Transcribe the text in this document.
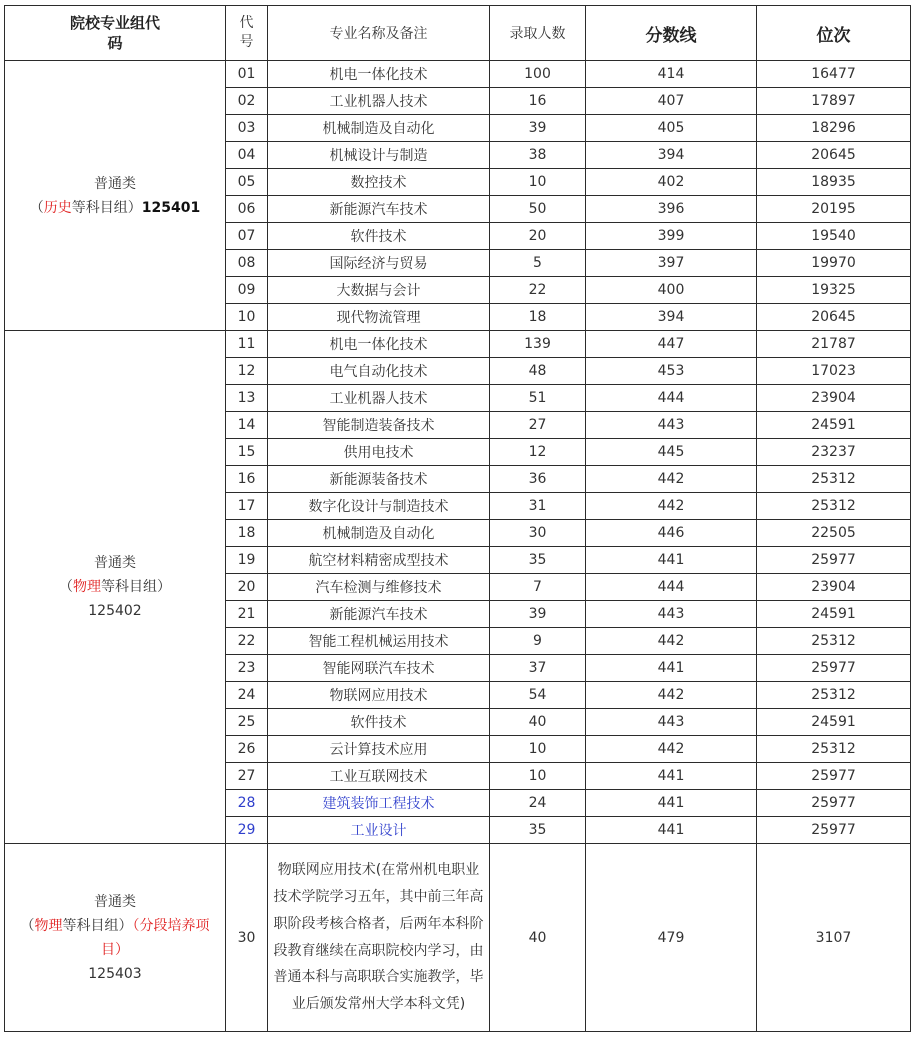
院校专业组代码	代号	专业名称及备注	录取人数	分数线	位次

普通类
（历史等科目组）125401	01	机电一体化技术	100	414	16477
	02	工业机器人技术	16	407	17897
	03	机械制造及自动化	39	405	18296
	04	机械设计与制造	38	394	20645
	05	数控技术	10	402	18935
	06	新能源汽车技术	50	396	20195
	07	软件技术	20	399	19540
	08	国际经济与贸易	5	397	19970
	09	大数据与会计	22	400	19325
	10	现代物流管理	18	394	20645

普通类
（物理等科目组）
125402	11	机电一体化技术	139	447	21787
	12	电气自动化技术	48	453	17023
	13	工业机器人技术	51	444	23904
	14	智能制造装备技术	27	443	24591
	15	供用电技术	12	445	23237
	16	新能源装备技术	36	442	25312
	17	数字化设计与制造技术	31	442	25312
	18	机械制造及自动化	30	446	22505
	19	航空材料精密成型技术	35	441	25977
	20	汽车检测与维修技术	7	444	23904
	21	新能源汽车技术	39	443	24591
	22	智能工程机械运用技术	9	442	25312
	23	智能网联汽车技术	37	441	25977
	24	物联网应用技术	54	442	25312
	25	软件技术	40	443	24591
	26	云计算技术应用	10	442	25312
	27	工业互联网技术	10	441	25977
	28	建筑装饰工程技术	24	441	25977
	29	工业设计	35	441	25977

普通类
（物理等科目组）（分段培养项目）
125403	30	物联网应用技术(在常州机电职业技术学院学习五年，其中前三年高职阶段考核合格者，后两年本科阶段教育继续在高职院校内学习，由普通本科与高职联合实施教学，毕业后颁发常州大学本科文凭)	40	479	3107
